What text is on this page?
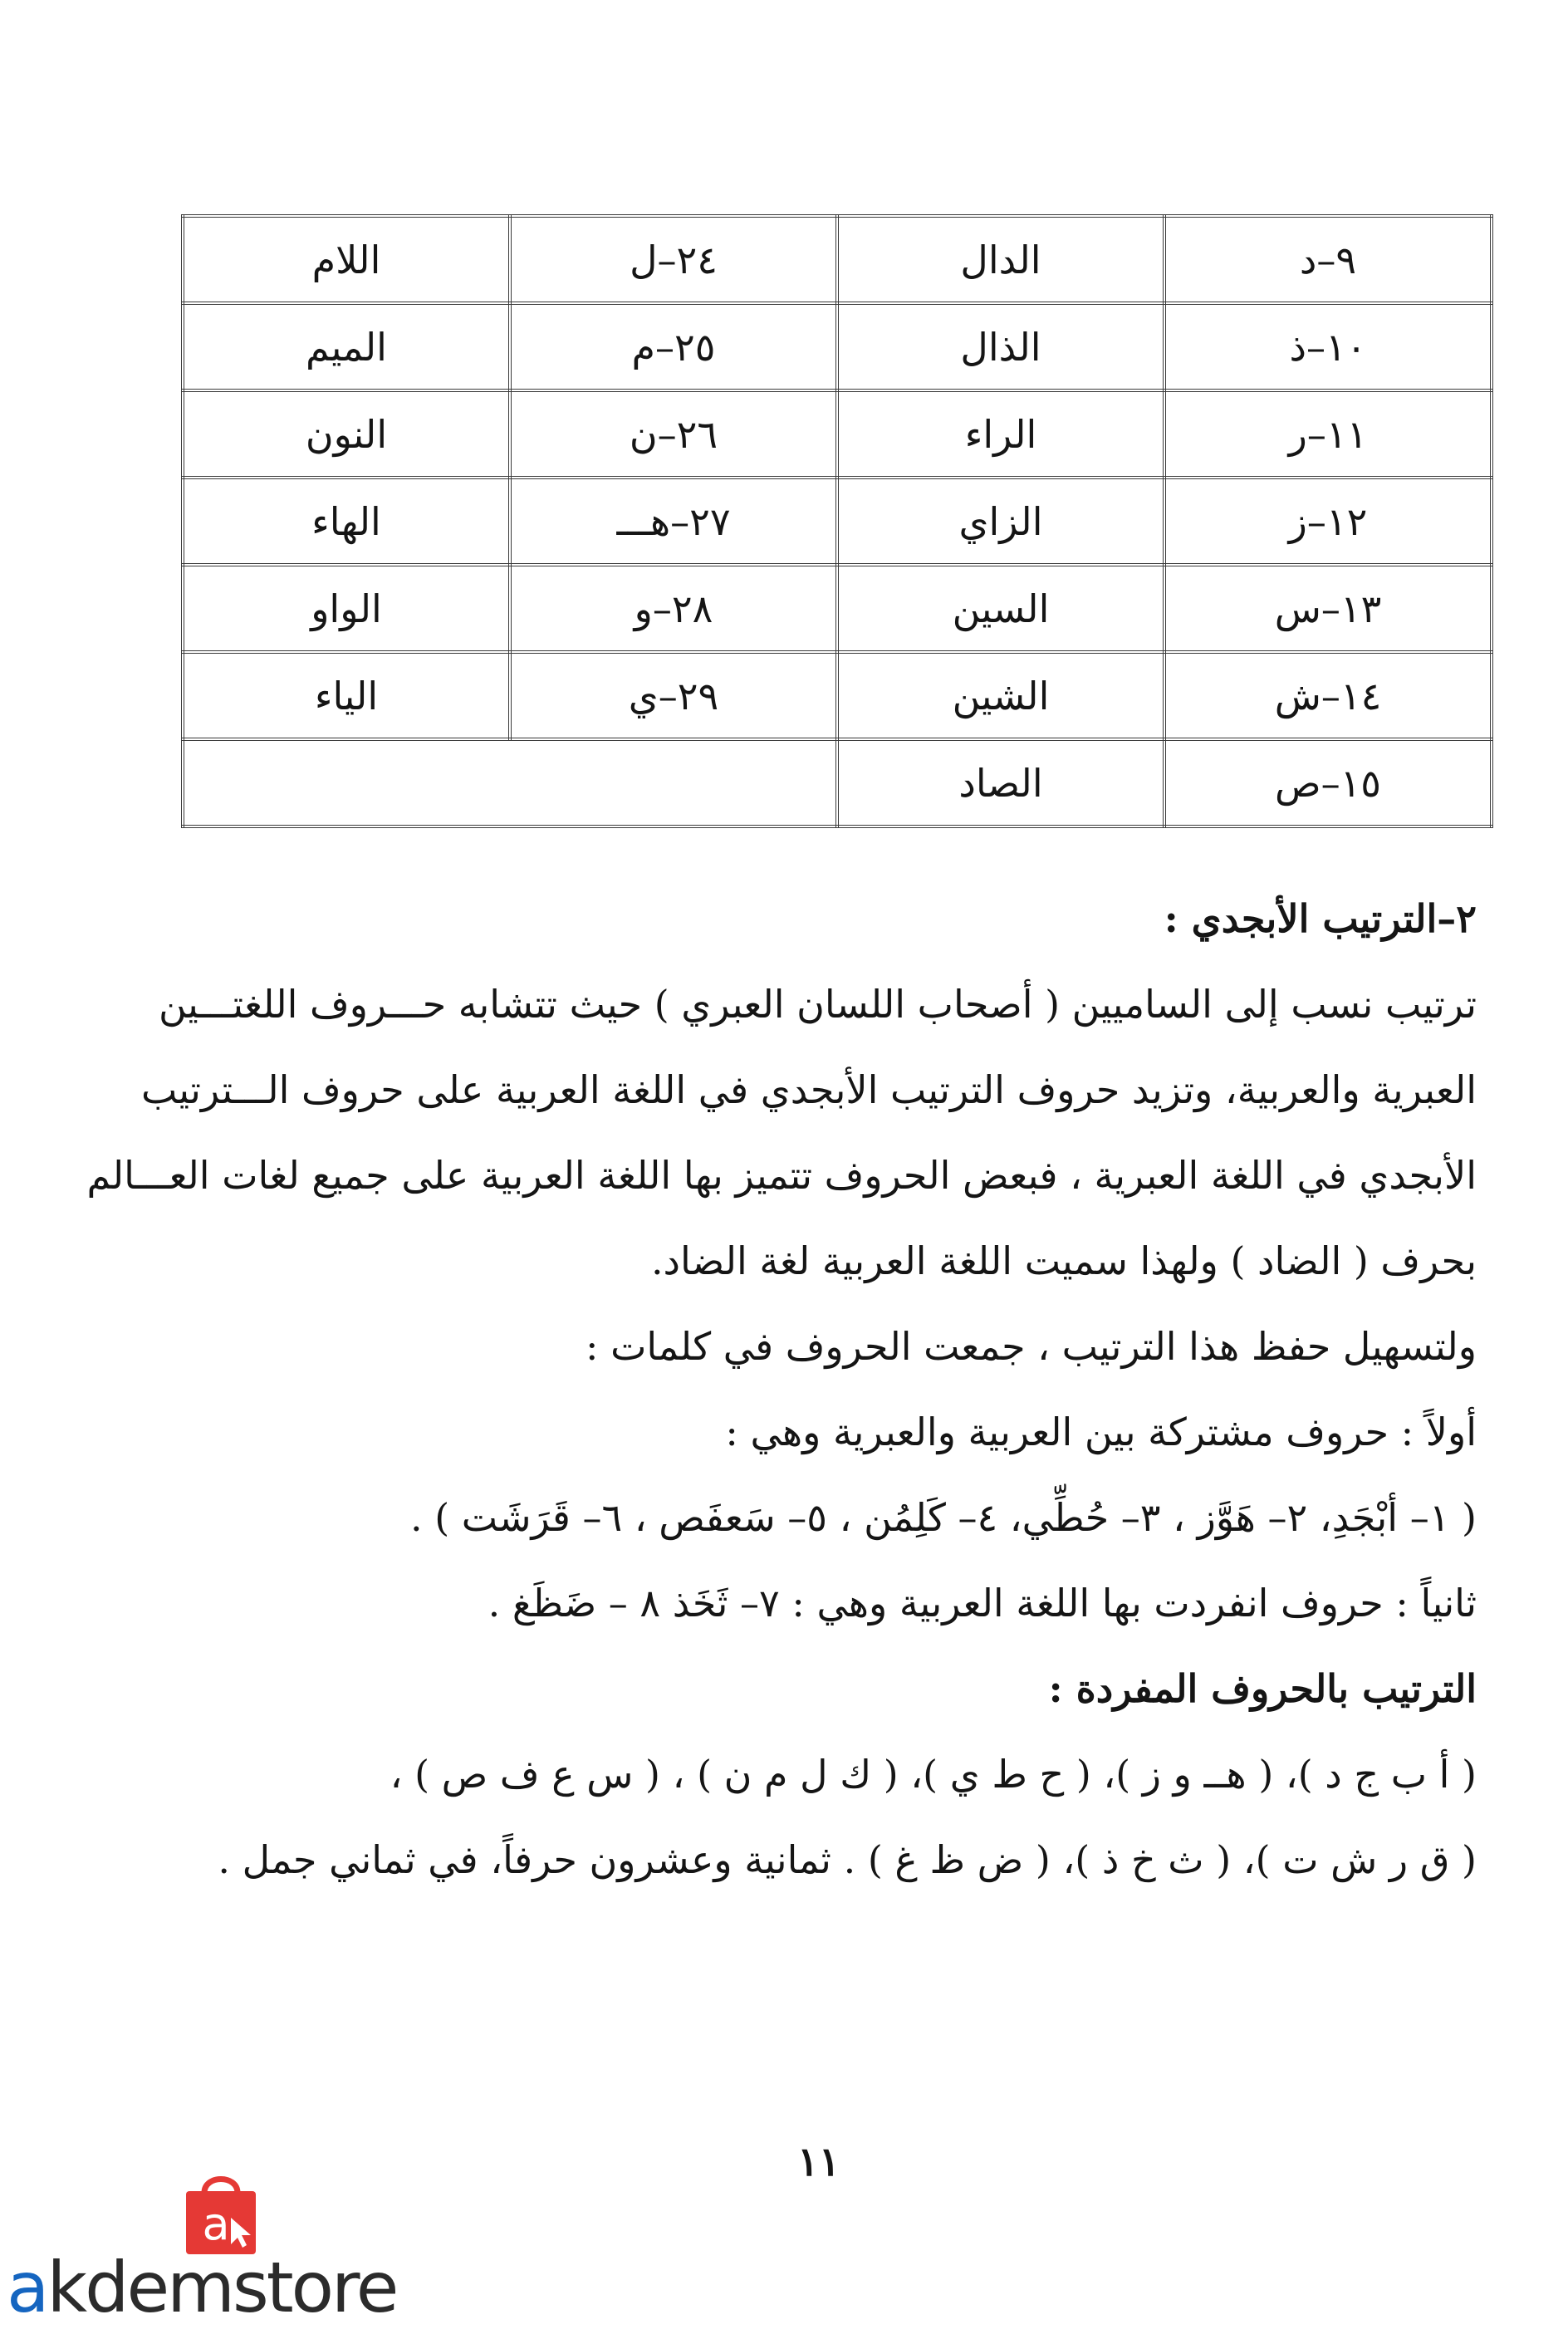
٩–د	الدال	٢٤–ل	اللام
١٠–ذ	الذال	٢٥–م	الميم
١١–ر	الراء	٢٦–ن	النون
١٢–ز	الزاي	٢٧–هـــ	الهاء
١٣–س	السين	٢٨–و	الواو
١٤–ش	الشين	٢٩–ي	الياء
١٥–ص	الصاد		

٢–الترتيب الأبجدي :

ترتيب نسب إلى الساميين ( أصحاب اللسان العبري ) حيث تتشابه حـــروف اللغتـــين

العبرية والعربية، وتزيد حروف الترتيب الأبجدي في اللغة العربية على حروف الـــترتيب

الأبجدي في اللغة العبرية ، فبعض الحروف تتميز بها اللغة العربية على جميع لغات العـــالم

بحرف ( الضاد ) ولهذا سميت اللغة العربية لغة الضاد.

ولتسهيل حفظ هذا الترتيب ، جمعت الحروف في كلمات :

أولاً : حروف مشتركة بين العربية والعبرية وهي :

( ١– أبْجَدِ، ٢– هَوَّز ، ٣– حُطِّي، ٤– كَلِمُن ، ٥– سَعفَص ، ٦– قَرَشَت ) .

ثانياً : حروف انفردت بها اللغة العربية وهي : ٧– ثَخَذ ٨ – ضَظَغ .

الترتيب بالحروف المفردة :

( أ ب ج د )، ( هــ و ز )، ( ح ط ي )، ( ك ل م ن ) ، ( س ع ف ص ) ،

( ق ر ش ت )، ( ث خ ذ )، ( ض ظ غ ) . ثمانية وعشرون حرفاً، في ثماني جمل .

١١
a
akdemstore
